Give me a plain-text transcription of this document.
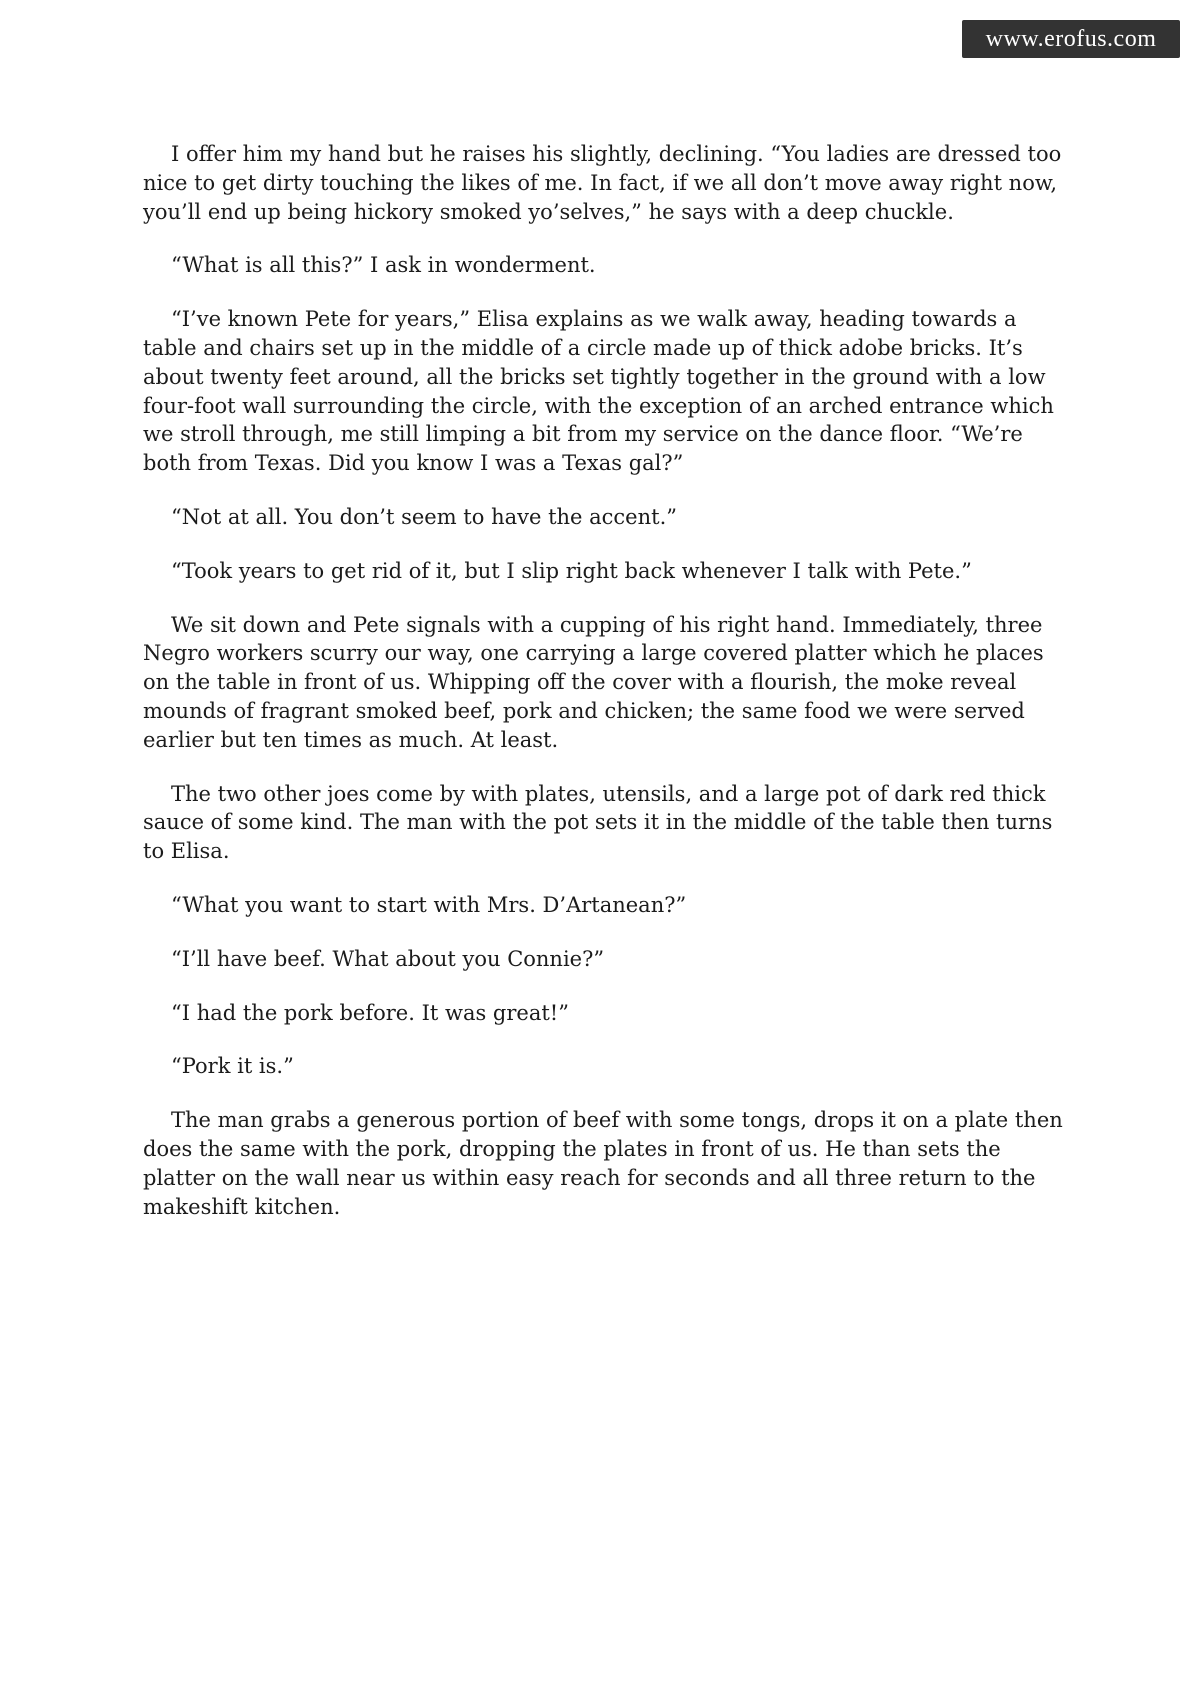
www.erofus.com

I offer him my hand but he raises his slightly, declining. “You ladies are dressed too nice to get dirty touching the likes of me. In fact, if we all don’t move away right now, you’ll end up being hickory smoked yo’selves,” he says with a deep chuckle.

“What is all this?” I ask in wonderment.

“I’ve known Pete for years,” Elisa explains as we walk away, heading towards a table and chairs set up in the middle of a circle made up of thick adobe bricks. It’s about twenty feet around, all the bricks set tightly together in the ground with a low four-foot wall surrounding the circle, with the exception of an arched entrance which we stroll through, me still limping a bit from my service on the dance floor. “We’re both from Texas. Did you know I was a Texas gal?”

“Not at all. You don’t seem to have the accent.”

“Took years to get rid of it, but I slip right back whenever I talk with Pete.”

We sit down and Pete signals with a cupping of his right hand. Immediately, three Negro workers scurry our way, one carrying a large covered platter which he places on the table in front of us. Whipping off the cover with a flourish, the moke reveal mounds of fragrant smoked beef, pork and chicken; the same food we were served earlier but ten times as much. At least.

The two other joes come by with plates, utensils, and a large pot of dark red thick sauce of some kind. The man with the pot sets it in the middle of the table then turns to Elisa.

“What you want to start with Mrs. D’Artanean?”

“I’ll have beef. What about you Connie?”

“I had the pork before. It was great!”

“Pork it is.”

The man grabs a generous portion of beef with some tongs, drops it on a plate then does the same with the pork, dropping the plates in front of us. He than sets the platter on the wall near us within easy reach for seconds and all three return to the makeshift kitchen.
